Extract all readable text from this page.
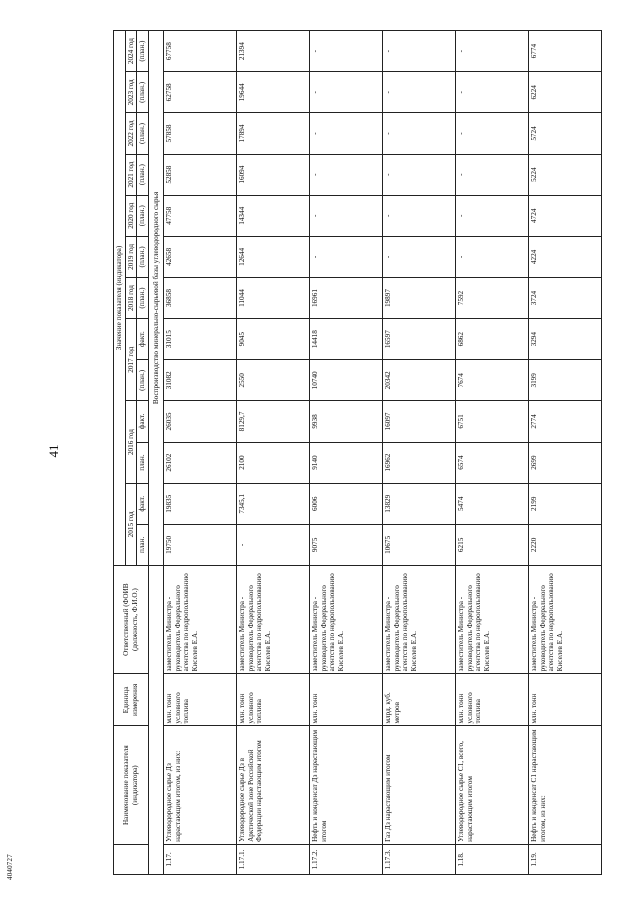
41
4040727
	Наименование показателя (индикатора)	Единица измерения	Ответственный (ФОИВ (должность, Ф.И.О.)	Значение показателя (индикатора)												
				2015 год		2016 год		2017 год		2018 год	2019 год	2020 год	2021 год	2022 год	2023 год	2024 год
				план.	факт.	план.	факт.	(план.)	факт.	(план.)	(план.)	(план.)	(план.)	(план.)	(план.)	(план.)
				Воспроизводство минерально-сырьевой базы углеводородного сырья												
1.17.	Углеводородное сырье Дз нарастающим итогом, из них:	млн. тонн условного топлива	заместитель Министра - руководитель Федерального агентства по недропользованию Киселев Е.А.	19750	19835	26102	26035	31082	31015	36858	42658	47758	52858	57858	62758	67758
1.17.1.	Углеводородное сырье Дз в Арктической зоне Российской Федерации нарастающим итогом	млн. тонн условного топлива	заместитель Министра - руководитель Федерального агентства по недропользованию Киселев Е.А.	-	7345,1	2100	8129,7	2550	9045	11044	12644	14344	16094	17894	19644	21394
1.17.2.	Нефть и конденсат Дз нарастающим итогом	млн. тонн	заместитель Министра - руководитель Федерального агентства по недропользованию Киселев Е.А.	9075	6006	9140	9938	10740	14418	16961	-	-	-	-	-	-
1.17.3.	Газ Дз нарастающим итогом	млрд. куб. метров	заместитель Министра - руководитель Федерального агентства по недропользованию Киселев Е.А.	10675	13829	16962	16097	20342	16597	19897	-	-	-	-	-	-
1.18.	Углеводородное сырье С1, всего, нарастающим итогом	млн. тонн условного топлива	заместитель Министра - руководитель Федерального агентства по недропользованию Киселев Е.А.	6215	5474	6574	6751	7674	6862	7592	-	-	-	-	-	-
1.19.	Нефть и конденсат С1 нарастающим итогом, из них:	млн. тонн	заместитель Министра - руководитель Федерального агентства по недропользованию Киселев Е.А.	2220	2199	2699	2774	3199	3294	3724	4224	4724	5224	5724	6224	6774
